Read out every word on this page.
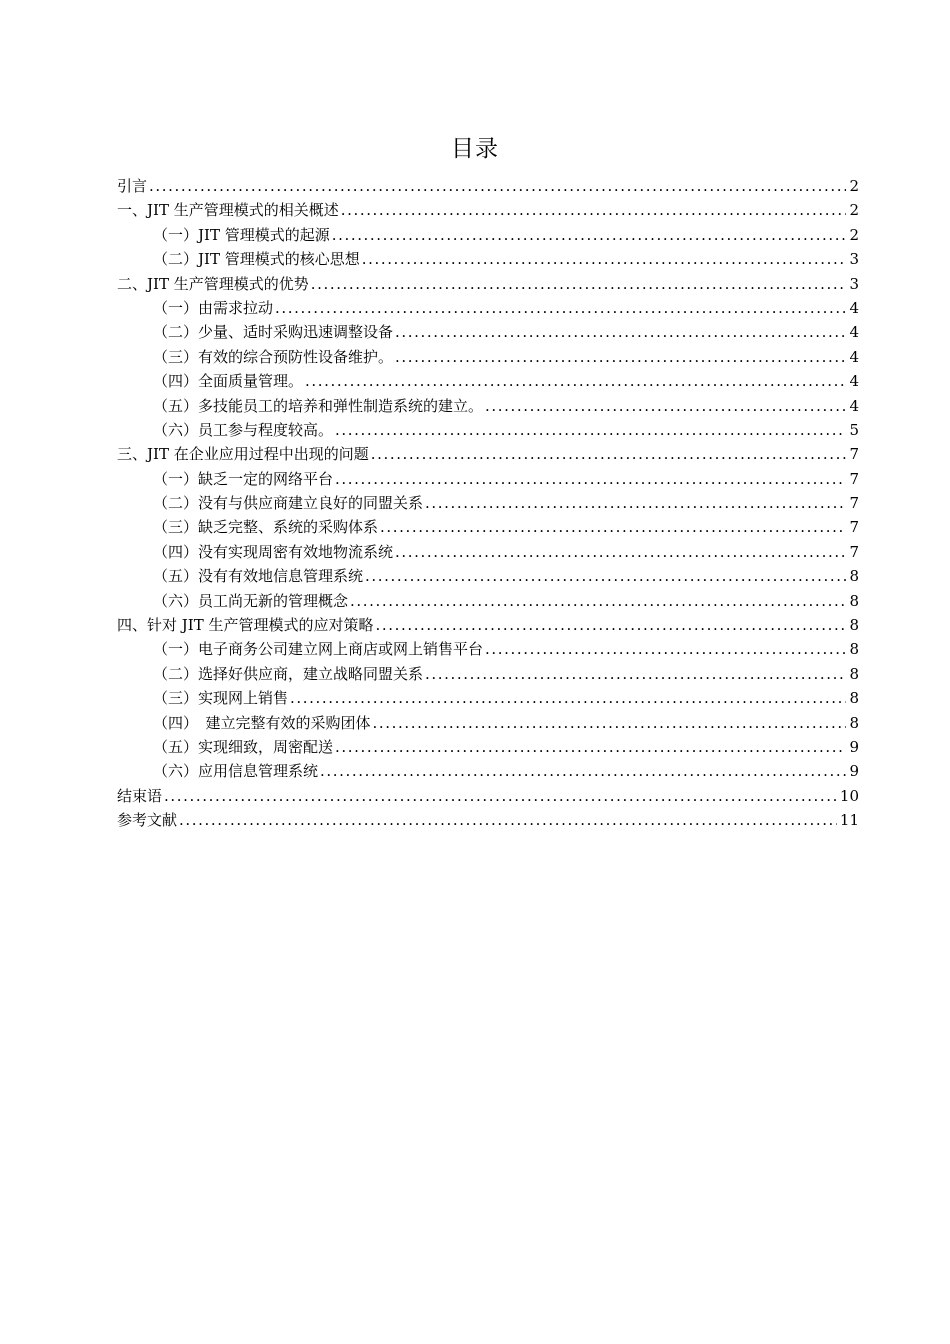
目录
引言 .....	2
一、JIT 生产管理模式的相关概述 .....	2
（一）JIT 管理模式的起源 .....	2
（二）JIT 管理模式的核心思想 .....	3
二、JIT 生产管理模式的优势 .....	3
（一）由需求拉动 .....	4
（二）少量、适时采购迅速调整设备 .....	4
（三）有效的综合预防性设备维护。 .....	4
（四）全面质量管理。 .....	4
（五）多技能员工的培养和弹性制造系统的建立。 .....	4
（六）员工参与程度较高。 .....	5
三、JIT 在企业应用过程中出现的问题 .....	7
（一）缺乏一定的网络平台 .....	7
（二）没有与供应商建立良好的同盟关系 .....	7
（三）缺乏完整、系统的采购体系 .....	7
（四）没有实现周密有效地物流系统 .....	7
（五）没有有效地信息管理系统 .....	8
（六）员工尚无新的管理概念 .....	8
四、针对 JIT 生产管理模式的应对策略 .....	8
（一）电子商务公司建立网上商店或网上销售平台 .....	8
（二）选择好供应商，建立战略同盟关系 .....	8
（三）实现网上销售 .....	8
（四）　建立完整有效的采购团体 .....	8
（五）实现细致，周密配送 .....	9
（六）应用信息管理系统 .....	9
结束语 .....	10
参考文献 .....	11
